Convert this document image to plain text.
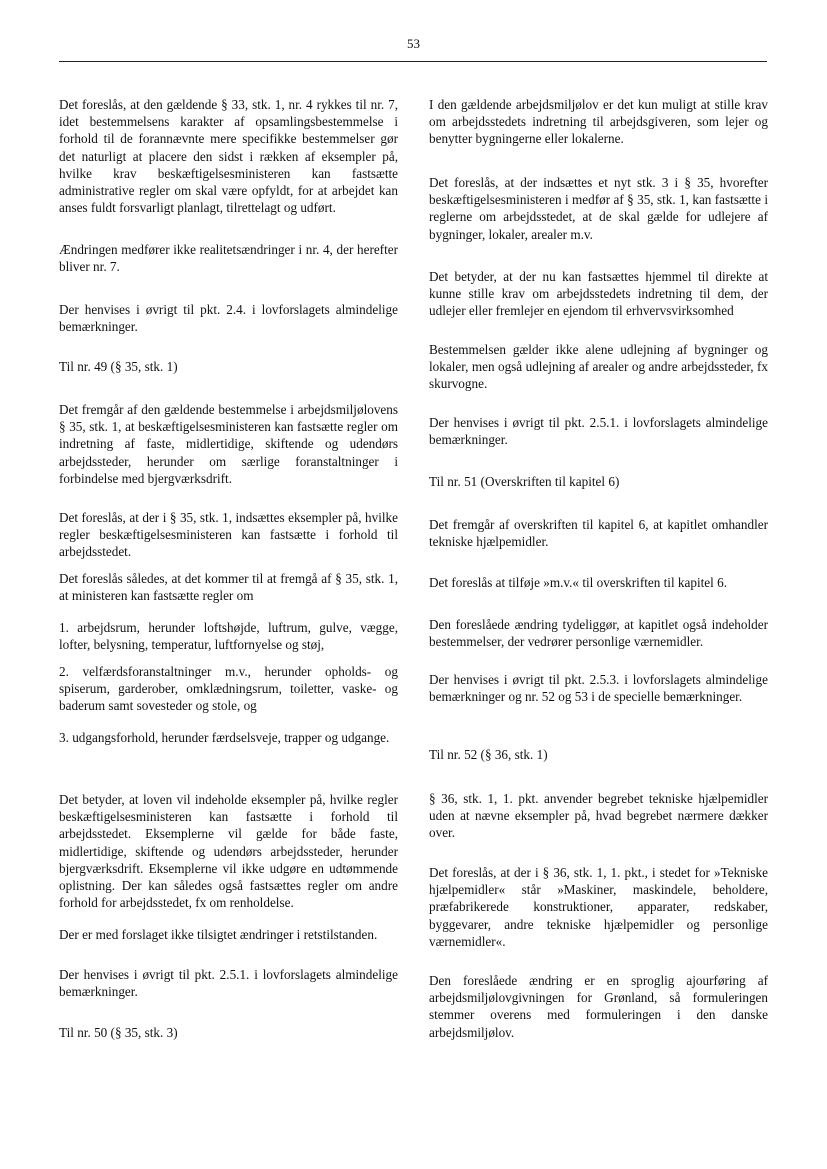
53

Det foreslås, at den gældende § 33, stk. 1, nr. 4 rykkes til nr. 7, idet bestemmelsens karakter af opsamlingsbestemmelse i forhold til de forannævnte mere specifikke bestemmelser gør det naturligt at placere den sidst i rækken af eksempler på, hvilke krav beskæftigelsesministeren kan fastsætte administrative regler om skal være opfyldt, for at arbejdet kan anses fuldt forsvarligt planlagt, tilrettelagt og udført.

Ændringen medfører ikke realitetsændringer i nr. 4, der herefter bliver nr. 7.

Der henvises i øvrigt til pkt. 2.4. i lovforslagets almindelige bemærkninger.

Til nr. 49 (§ 35, stk. 1)

Det fremgår af den gældende bestemmelse i arbejdsmiljølovens § 35, stk. 1, at beskæftigelsesministeren kan fastsætte regler om indretning af faste, midlertidige, skiftende og udendørs arbejdssteder, herunder om særlige foranstaltninger i forbindelse med bjergværksdrift.

Det foreslås, at der i § 35, stk. 1, indsættes eksempler på, hvilke regler beskæftigelsesministeren kan fastsætte i forhold til arbejdsstedet.

Det foreslås således, at det kommer til at fremgå af § 35, stk. 1, at ministeren kan fastsætte regler om

1. arbejdsrum, herunder loftshøjde, luftrum, gulve, vægge, lofter, belysning, temperatur, luftfornyelse og støj,

2. velfærdsforanstaltninger m.v., herunder opholds- og spiserum, garderober, omklædningsrum, toiletter, vaske- og baderum samt sovesteder og stole, og

3. udgangsforhold, herunder færdselsveje, trapper og udgange.

Det betyder, at loven vil indeholde eksempler på, hvilke regler beskæftigelsesministeren kan fastsætte i forhold til arbejdsstedet. Eksemplerne vil gælde for både faste, midlertidige, skiftende og udendørs arbejdssteder, herunder bjergværksdrift. Eksemplerne vil ikke udgøre en udtømmende oplistning. Der kan således også fastsættes regler om andre forhold for arbejdsstedet, fx om renholdelse.

Der er med forslaget ikke tilsigtet ændringer i retstilstanden.

Der henvises i øvrigt til pkt. 2.5.1. i lovforslagets almindelige bemærkninger.

Til nr. 50 (§ 35, stk. 3)

I den gældende arbejdsmiljølov er det kun muligt at stille krav om arbejdsstedets indretning til arbejdsgiveren, som lejer og benytter bygningerne eller lokalerne.

Det foreslås, at der indsættes et nyt stk. 3 i § 35, hvorefter beskæftigelsesministeren i medfør af § 35, stk. 1, kan fastsætte i reglerne om arbejdsstedet, at de skal gælde for udlejere af bygninger, lokaler, arealer m.v.

Det betyder, at der nu kan fastsættes hjemmel til direkte at kunne stille krav om arbejdsstedets indretning til dem, der udlejer eller fremlejer en ejendom til erhvervsvirksomhed

Bestemmelsen gælder ikke alene udlejning af bygninger og lokaler, men også udlejning af arealer og andre arbejdssteder, fx skurvogne.

Der henvises i øvrigt til pkt. 2.5.1. i lovforslagets almindelige bemærkninger.

Til nr. 51 (Overskriften til kapitel 6)

Det fremgår af overskriften til kapitel 6, at kapitlet omhandler tekniske hjælpemidler.

Det foreslås at tilføje »m.v.« til overskriften til kapitel 6.

Den foreslåede ændring tydeliggør, at kapitlet også indeholder bestemmelser, der vedrører personlige værnemidler.

Der henvises i øvrigt til pkt. 2.5.3. i lovforslagets almindelige bemærkninger og nr. 52 og 53 i de specielle bemærkninger.

Til nr. 52 (§ 36, stk. 1)

§ 36, stk. 1, 1. pkt. anvender begrebet tekniske hjælpemidler uden at nævne eksempler på, hvad begrebet nærmere dækker over.

Det foreslås, at der i § 36, stk. 1, 1. pkt., i stedet for »Tekniske hjælpemidler« står »Maskiner, maskindele, beholdere, præfabrikerede konstruktioner, apparater, redskaber, byggevarer, andre tekniske hjælpemidler og personlige værnemidler«.

Den foreslåede ændring er en sproglig ajourføring af arbejdsmiljølovgivningen for Grønland, så formuleringen stemmer overens med formuleringen i den danske arbejdsmiljølov.
